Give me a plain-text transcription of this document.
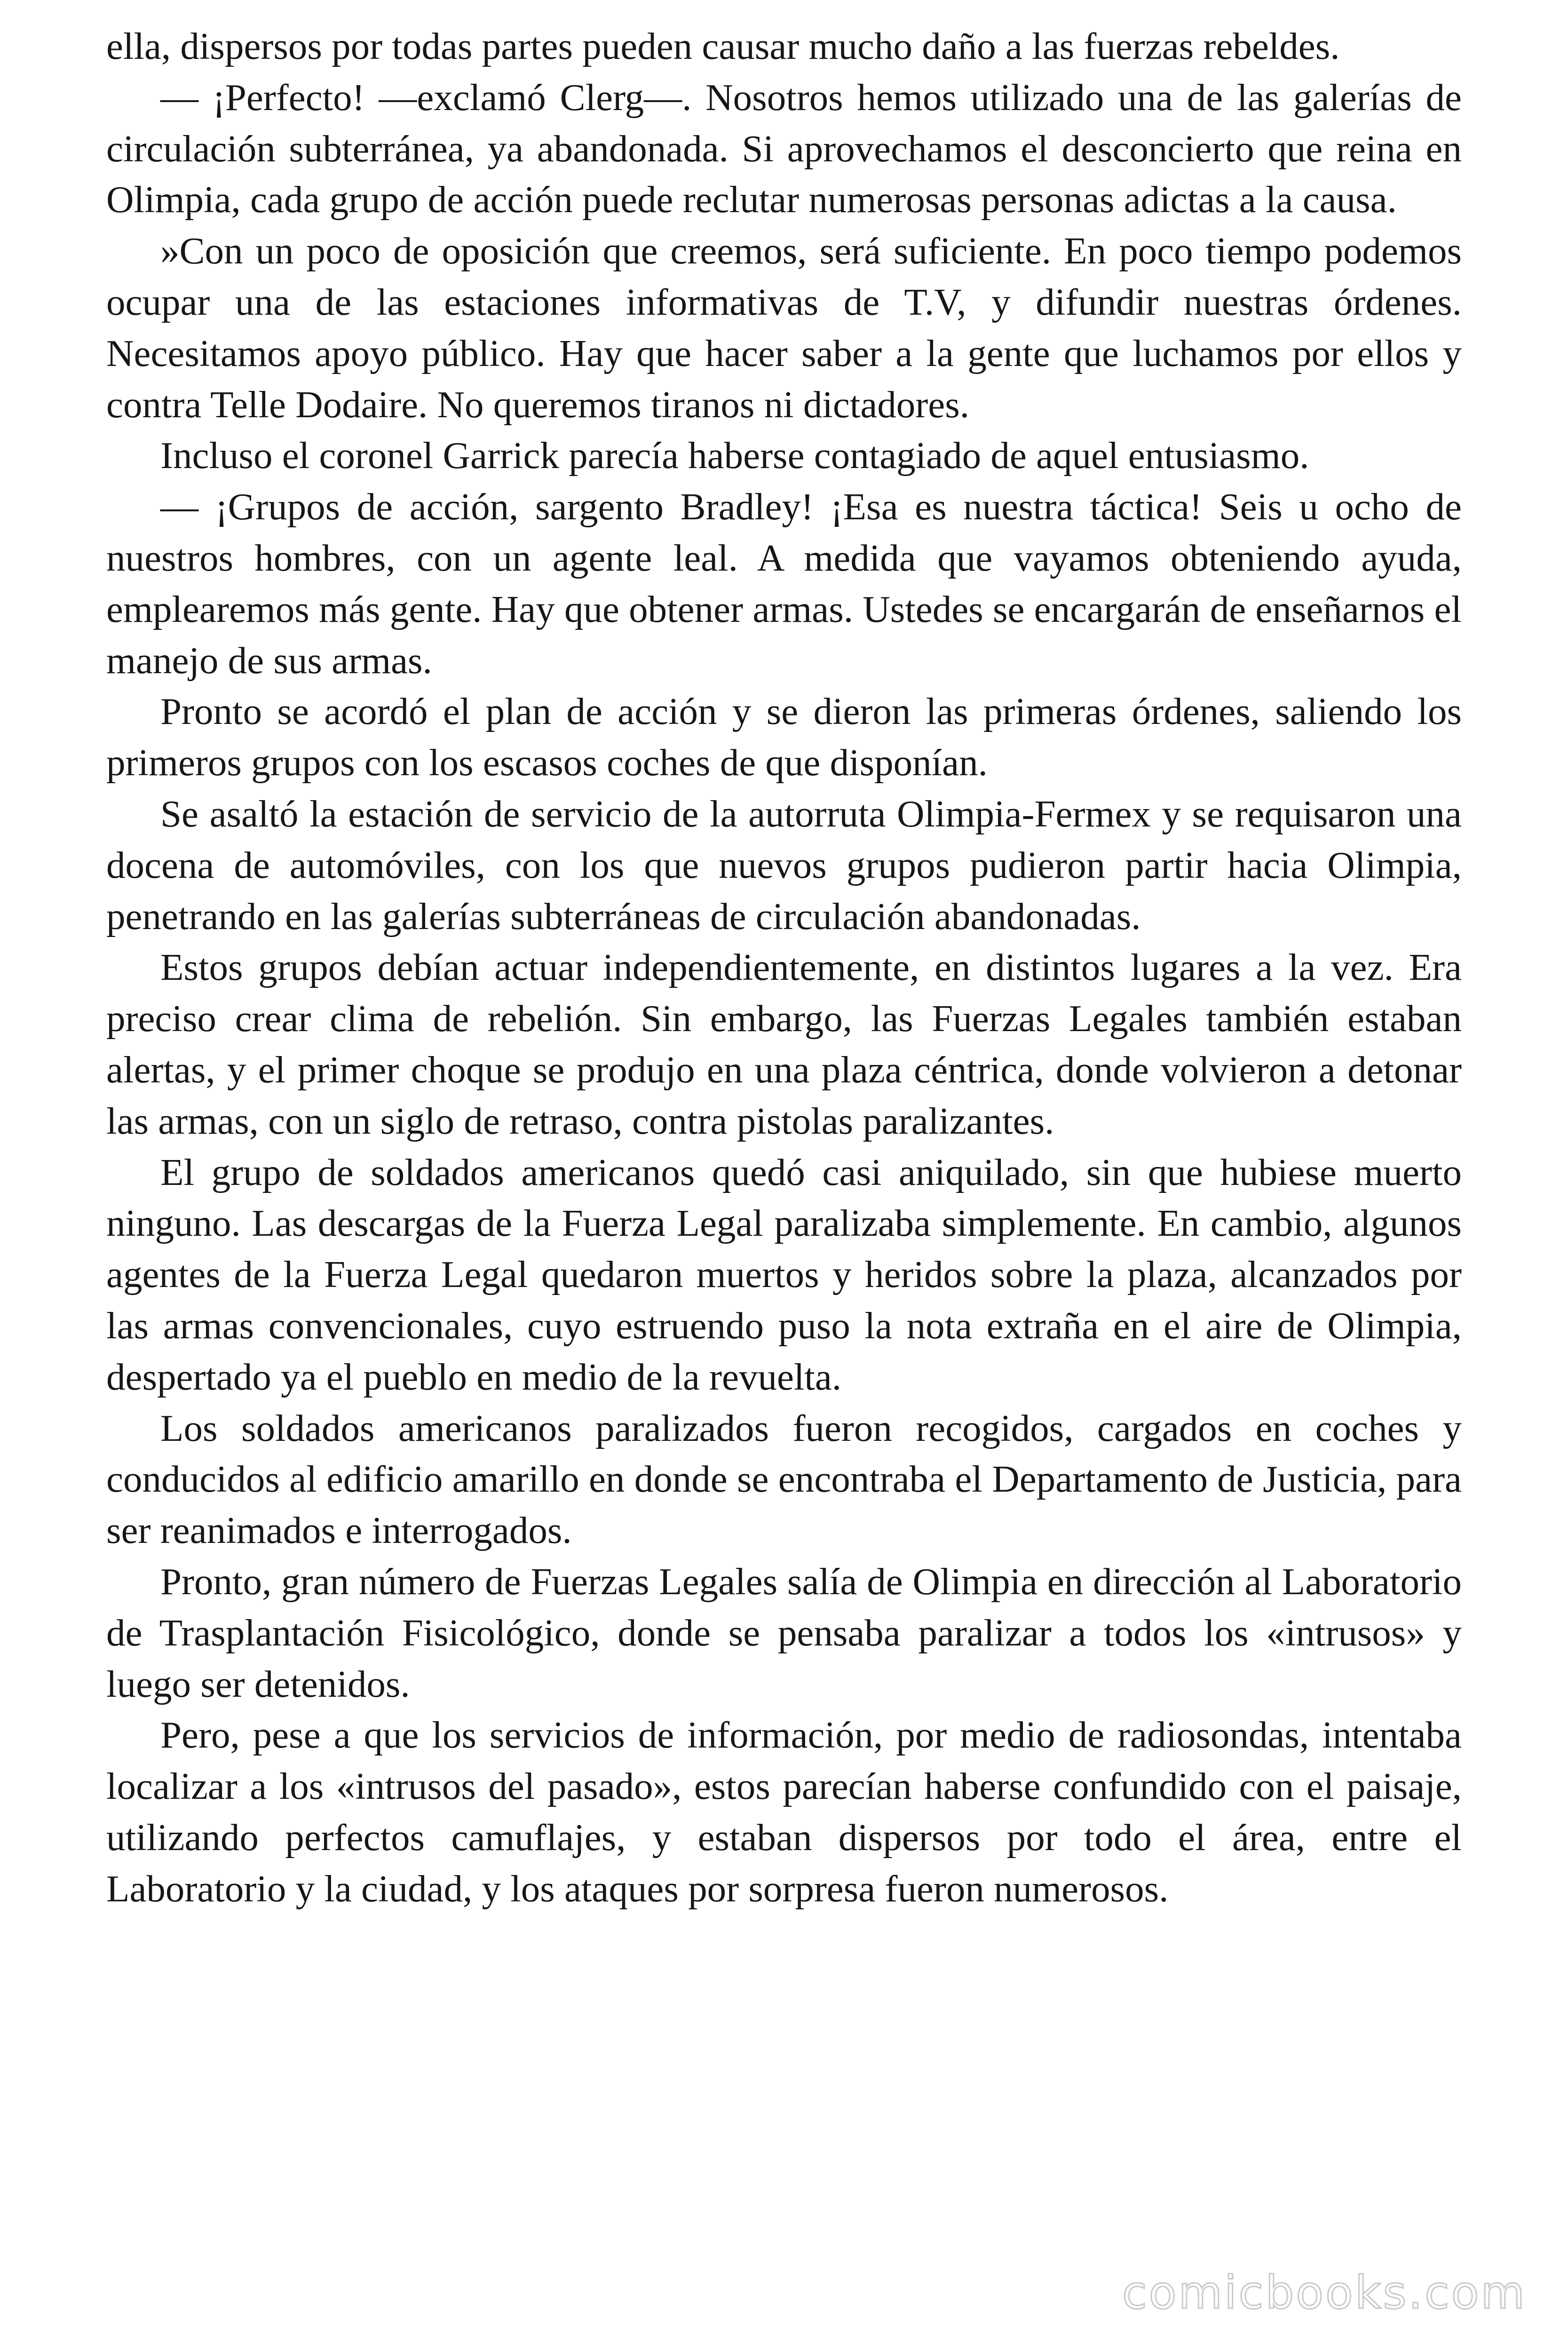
ella, dispersos por todas partes pueden causar mucho daño a las fuerzas rebeldes.

— ¡Perfecto! —exclamó Clerg—. Nosotros hemos utilizado una de las galerías de circulación subterránea, ya abandonada. Si aprovechamos el desconcierto que reina en Olimpia, cada grupo de acción puede reclutar numerosas personas adictas a la causa.

»Con un poco de oposición que creemos, será suficiente. En poco tiempo podemos ocupar una de las estaciones informativas de T.V, y difundir nuestras órdenes. Necesitamos apoyo público. Hay que hacer saber a la gente que luchamos por ellos y contra Telle Dodaire. No queremos tiranos ni dictadores.

Incluso el coronel Garrick parecía haberse contagiado de aquel entusiasmo.

— ¡Grupos de acción, sargento Bradley! ¡Esa es nuestra táctica! Seis u ocho de nuestros hombres, con un agente leal. A medida que vayamos obteniendo ayuda, emplearemos más gente. Hay que obtener armas. Ustedes se encargarán de enseñarnos el manejo de sus armas.

Pronto se acordó el plan de acción y se dieron las primeras órdenes, saliendo los primeros grupos con los escasos coches de que disponían.

Se asaltó la estación de servicio de la autorruta Olimpia-Fermex y se requisaron una docena de automóviles, con los que nuevos grupos pudieron partir hacia Olimpia, penetrando en las galerías subterráneas de circulación abandonadas.

Estos grupos debían actuar independientemente, en distintos lugares a la vez. Era preciso crear clima de rebelión. Sin embargo, las Fuerzas Legales también estaban alertas, y el primer choque se produjo en una plaza céntrica, donde volvieron a detonar las armas, con un siglo de retraso, contra pistolas paralizantes.

El grupo de soldados americanos quedó casi aniquilado, sin que hubiese muerto ninguno. Las descargas de la Fuerza Legal paralizaba simplemente. En cambio, algunos agentes de la Fuerza Legal quedaron muertos y heridos sobre la plaza, alcanzados por las armas convencionales, cuyo estruendo puso la nota extraña en el aire de Olimpia, despertado ya el pueblo en medio de la revuelta.

Los soldados americanos paralizados fueron recogidos, cargados en coches y conducidos al edificio amarillo en donde se encontraba el Departamento de Justicia, para ser reanimados e interrogados.

Pronto, gran número de Fuerzas Legales salía de Olimpia en dirección al Laboratorio de Trasplantación Fisicológico, donde se pensaba paralizar a todos los «intrusos» y luego ser detenidos.

Pero, pese a que los servicios de información, por medio de radiosondas, intentaba localizar a los «intrusos del pasado», estos parecían haberse confundido con el paisaje, utilizando perfectos camuflajes, y estaban dispersos por todo el área, entre el Laboratorio y la ciudad, y los ataques por sorpresa fueron numerosos.

comicbooks.com
